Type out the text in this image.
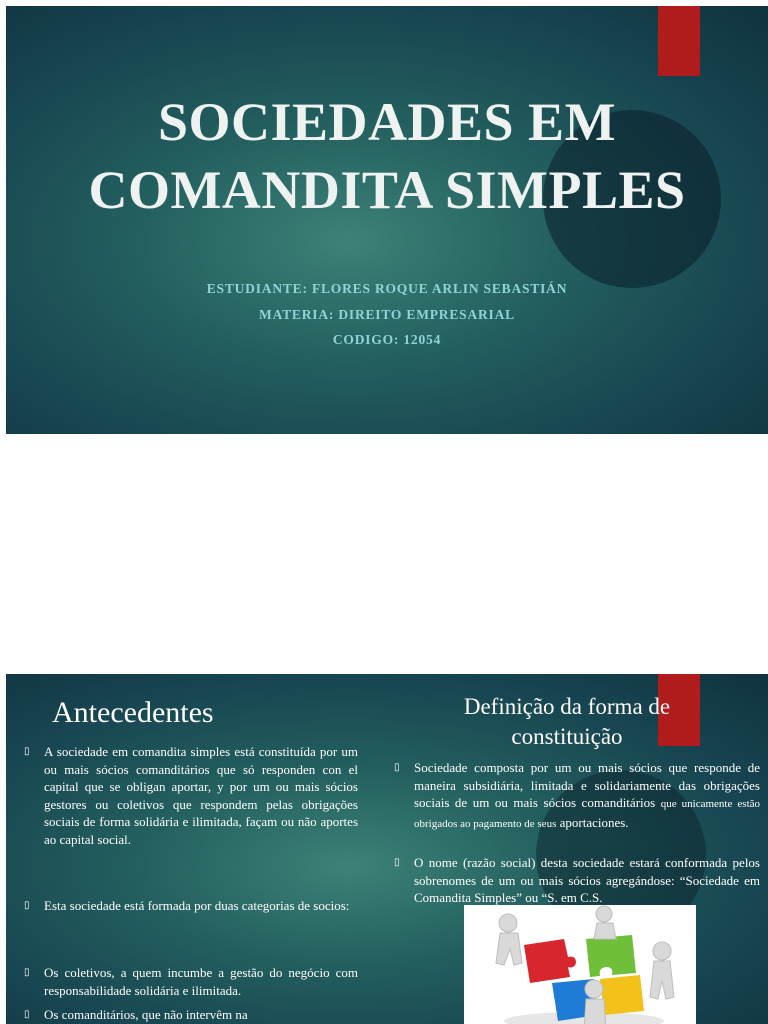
SOCIEDADES EM
COMANDITA SIMPLES
ESTUDIANTE: FLORES ROQUE ARLIN SEBASTIÁN
MATERIA: DIREITO EMPRESARIAL
CODIGO: 12054
Antecedentes	Definição da forma de
constituição
▯ A sociedade em comandita simples está constituída por um ou mais sócios comanditários que só responden con el capital que se obligan aportar, y por um ou mais sócios gestores ou coletivos que respondem pelas obrigações sociais de forma solidária e ilimitada, façam ou não aportes ao capital social.
▯ Esta sociedade está formada por duas categorias de socios:
▯ Os coletivos, a quem incumbe a gestão do negócio com responsabilidade solidária e ilimitada.
▯ Os comanditários, que não intervêm na
▯ Sociedade composta por um ou mais sócios que responde de maneira subsidiária, limitada e solidariamente das obrigações sociais de um ou mais sócios comanditários que unicamente estão obrigados ao pagamento de seus aportaciones.
▯ O nome (razão social) desta sociedade estará conformada pelos sobrenomes de um ou mais sócios agregándose: “Sociedade em Comandita Simples” ou “S. em C.S.
